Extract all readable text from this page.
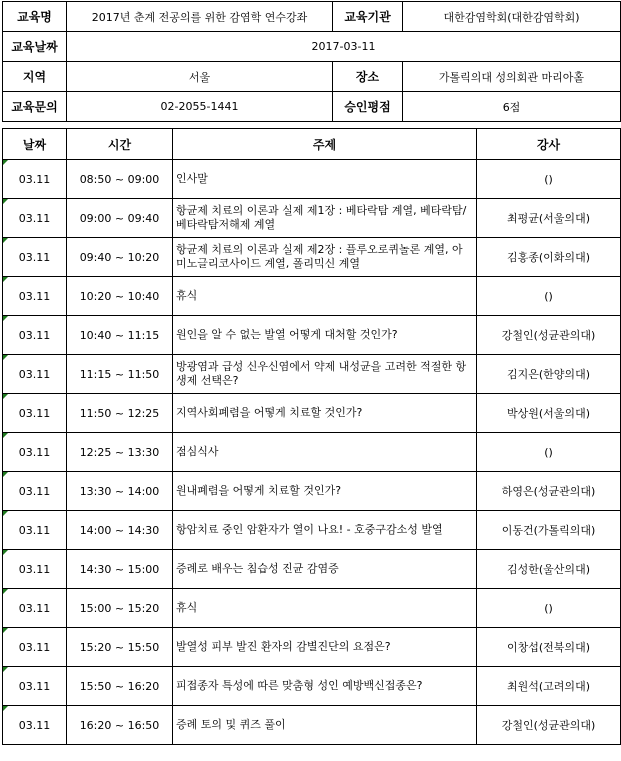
교육명	2017년 춘계 전공의를 위한 감염학 연수강좌	교육기관	대한감염학회(대한감염학회)
교육날짜	2017-03-11		
지역	서울	장소	가톨릭의대 성의회관 마리아홀
교육문의	02-2055-1441	승인평점	6점
날짜	시간	주제	강사

03.11	08:50 ~ 09:00	인사말	()

03.11	09:00 ~ 09:40	항균제 치료의 이론과 실제 제1장 : 베타락탐 계열, 베타락탐/베타락탐저해제 계열	최평균(서울의대)

03.11	09:40 ~ 10:20	항균제 치료의 이론과 실제 제2장 : 플루오로퀴놀론 계열, 아미노글리코사이드 계열, 폴리믹신 계열	김홍종(이화의대)

03.11	10:20 ~ 10:40	휴식	()

03.11	10:40 ~ 11:15	원인을 알 수 없는 발열 어떻게 대처할 것인가?	강철인(성균관의대)

03.11	11:15 ~ 11:50	방광염과 급성 신우신염에서 약제 내성균을 고려한 적절한 항생제 선택은?	김지은(한양의대)

03.11	11:50 ~ 12:25	지역사회폐렴을 어떻게 치료할 것인가?	박상원(서울의대)

03.11	12:25 ~ 13:30	점심식사	()

03.11	13:30 ~ 14:00	원내폐렴을 어떻게 치료할 것인가?	하영은(성균관의대)

03.11	14:00 ~ 14:30	항암치료 중인 암환자가 열이 나요! - 호중구감소성 발열	이동건(가톨릭의대)

03.11	14:30 ~ 15:00	증례로 배우는 침습성 진균 감염증	김성한(울산의대)

03.11	15:00 ~ 15:20	휴식	()

03.11	15:20 ~ 15:50	발열성 피부 발진 환자의 감별진단의 요점은?	이창섭(전북의대)

03.11	15:50 ~ 16:20	피접종자 특성에 따른 맞춤형 성인 예방백신접종은?	최원석(고려의대)

03.11	16:20 ~ 16:50	증례 토의 및 퀴즈 풀이	강철인(성균관의대)
